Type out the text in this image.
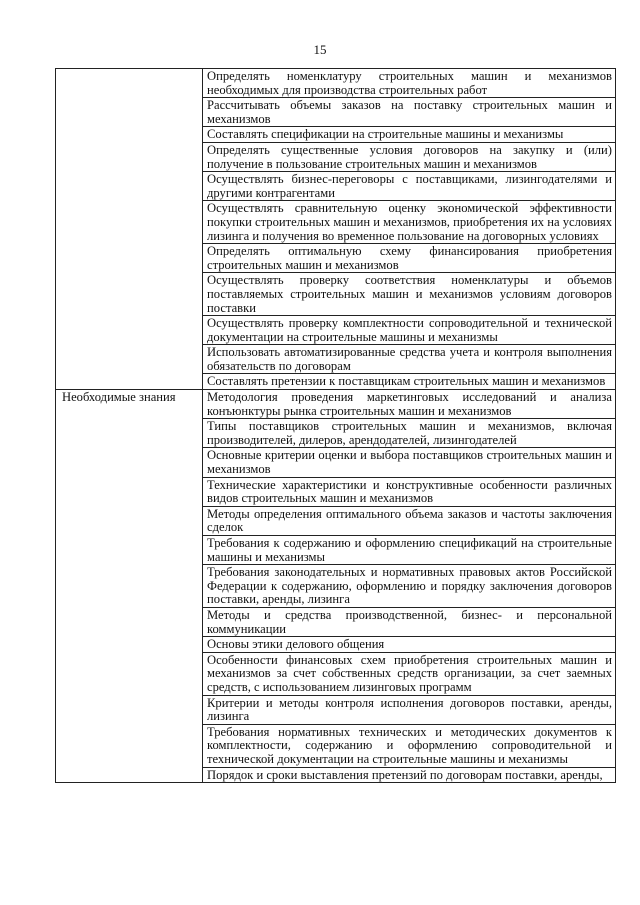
15
	Определять номенклатуру строительных машин и механизмов необходимых для производства строительных работ
	Рассчитывать объемы заказов на поставку строительных машин и механизмов
	Составлять спецификации на строительные машины и механизмы
	Определять существенные условия договоров на закупку и (или) получение в пользование строительных машин и механизмов
	Осуществлять бизнес-переговоры с поставщиками, лизингодателями и другими контрагентами
	Осуществлять сравнительную оценку экономической эффективности покупки строительных машин и механизмов, приобретения их на условиях лизинга и получения во временное пользование на договорных условиях
	Определять оптимальную схему финансирования приобретения строительных машин и механизмов
	Осуществлять проверку соответствия номенклатуры и объемов поставляемых строительных машин и механизмов условиям договоров поставки
	Осуществлять проверку комплектности сопроводительной и технической документации на строительные машины и механизмы
	Использовать автоматизированные средства учета и контроля выполнения обязательств по договорам
	Составлять претензии к поставщикам строительных машин и механизмов
Необходимые знания	Методология проведения маркетинговых исследований и анализа конъюнктуры рынка строительных машин и механизмов
	Типы поставщиков строительных машин и механизмов, включая производителей, дилеров, арендодателей, лизингодателей
	Основные критерии оценки и выбора поставщиков строительных машин и механизмов
	Технические характеристики и конструктивные особенности различных видов строительных машин и механизмов
	Методы определения оптимального объема заказов и частоты заключения сделок
	Требования к содержанию и оформлению спецификаций на строительные машины и механизмы
	Требования законодательных и нормативных правовых актов Российской Федерации к содержанию, оформлению и порядку заключения договоров поставки, аренды, лизинга
	Методы и средства производственной, бизнес- и персональной коммуникации
	Основы этики делового общения
	Особенности финансовых схем приобретения строительных машин и механизмов за счет собственных средств организации, за счет заемных средств, с использованием лизинговых программ
	Критерии и методы контроля исполнения договоров поставки, аренды, лизинга
	Требования нормативных технических и методических документов к комплектности, содержанию и оформлению сопроводительной и технической документации на строительные машины и механизмы
	Порядок и сроки выставления претензий по договорам поставки, аренды,
